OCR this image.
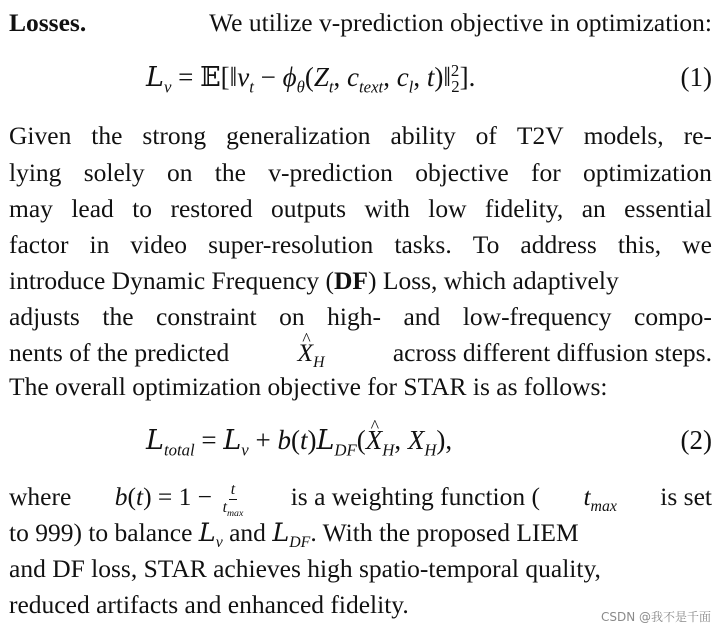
Losses.	We utilize v-prediction objective in optimization:
$L_v$ = $𝔼[‖v_t - \phi_\theta(Z_t$, $c_{text}$, $c_l$, t)‖$^2_2$].	(1)
Given the strong generalization ability of T2V models, re-
lying solely on the v-prediction objective for optimization
may lead to restored outputs with low fidelity, an essential
factor in video super-resolution tasks. To address this, we
introduce Dynamic Frequency (DF) Loss, which adaptively
adjusts the constraint on high- and low-frequency compo-
nents of the predicted
^	$X_H$	across different diffusion steps.
The overall optimization objective for STAR is as follows:
$L_{total} = L_v$ + $b(t)L_{DF}(\^{}$ $X_H$, $X_H$),	(2)
where $b(t) = 1 - \frac{t}{t_{max}}$ is a weighting function ( $t_{max}$ is set
to 999) to balance $L_v$ and $L_{DF}$. With the proposed LIEM
and DF loss, STAR achieves high spatio-temporal quality,
reduced artifacts and enhanced fidelity.	CSDN @我不是千面
